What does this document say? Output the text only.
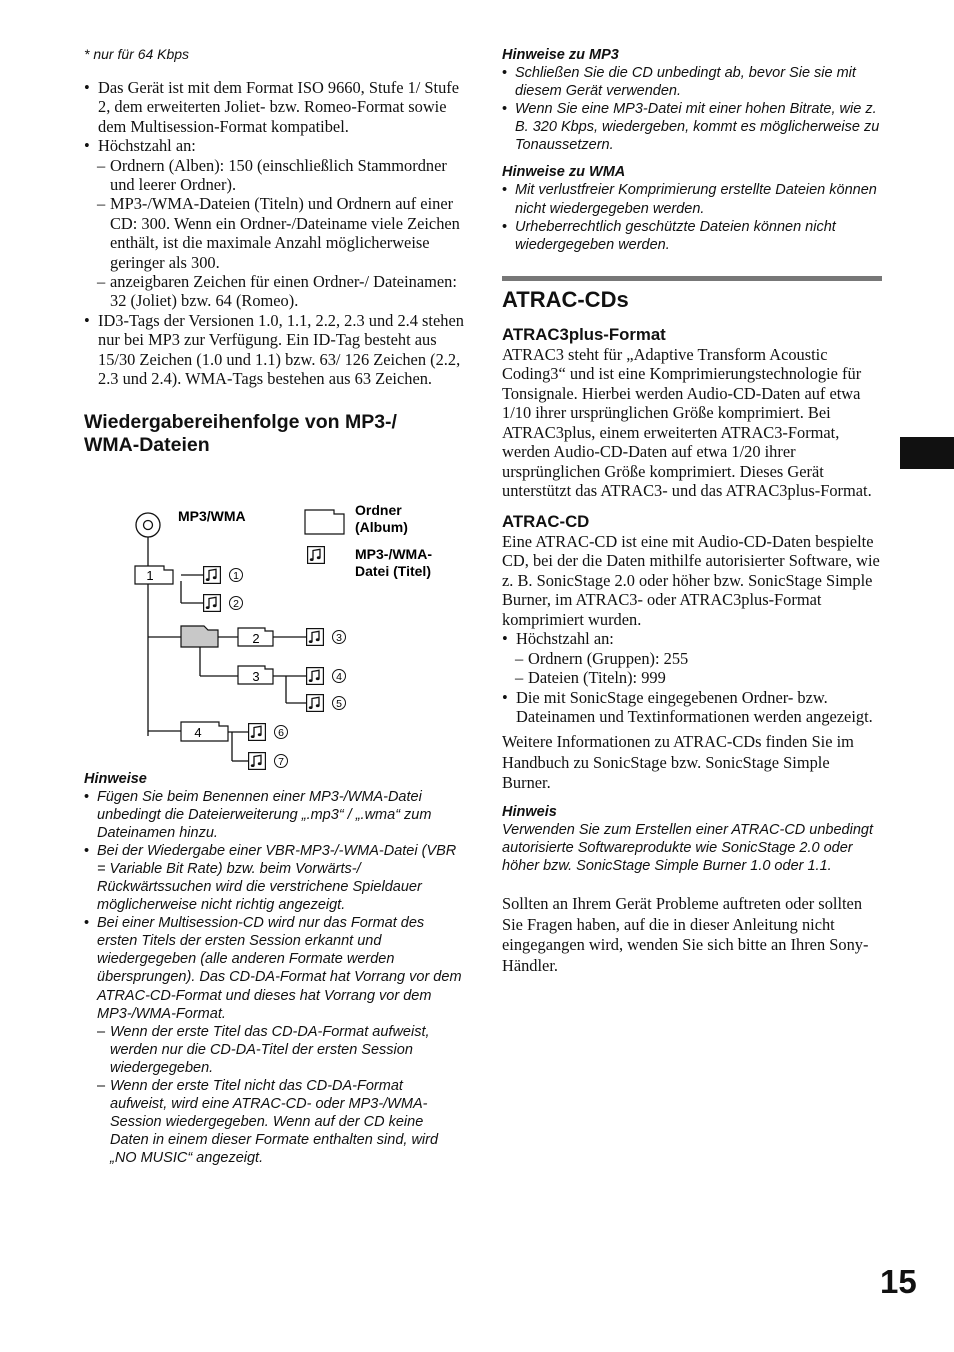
* nur für 64 Kbps

• Das Gerät ist mit dem Format ISO 9660, Stufe 1/ Stufe 2, dem erweiterten Joliet- bzw. Romeo-Format sowie dem Multisession-Format kompatibel.
• Höchstzahl an:
– Ordnern (Alben): 150 (einschließlich Stammordner und leerer Ordner).
– MP3-/WMA-Dateien (Titeln) und Ordnern auf einer CD: 300. Wenn ein Ordner-/Dateiname viele Zeichen enthält, ist die maximale Anzahl möglicherweise geringer als 300.
– anzeigbaren Zeichen für einen Ordner-/ Dateinamen: 32 (Joliet) bzw. 64 (Romeo).
• ID3-Tags der Versionen 1.0, 1.1, 2.2, 2.3 und 2.4 stehen nur bei MP3 zur Verfügung. Ein ID-Tag besteht aus 15/30 Zeichen (1.0 und 1.1) bzw. 63/ 126 Zeichen (2.2, 2.3 und 2.4). WMA-Tags bestehen aus 63 Zeichen.
Wiedergabereihenfolge von MP3-/ WMA-Dateien

Hinweise

• Fügen Sie beim Benennen einer MP3-/WMA-Datei unbedingt die Dateierweiterung „.mp3“ / „.wma“ zum Dateinamen hinzu.
• Bei der Wiedergabe einer VBR-MP3-/-WMA-Datei (VBR = Variable Bit Rate) bzw. beim Vorwärts-/ Rückwärtssuchen wird die verstrichene Spieldauer möglicherweise nicht richtig angezeigt.
• Bei einer Multisession-CD wird nur das Format des ersten Titels der ersten Session erkannt und wiedergegeben (alle anderen Formate werden übersprungen). Das CD-DA-Format hat Vorrang vor dem ATRAC-CD-Format und dieses hat Vorrang vor dem MP3-/WMA-Format.
– Wenn der erste Titel das CD-DA-Format aufweist, werden nur die CD-DA-Titel der ersten Session wiedergegeben.
– Wenn der erste Titel nicht das CD-DA-Format aufweist, wird eine ATRAC-CD- oder MP3-/WMA-Session wiedergegeben. Wenn auf der CD keine Daten in einem dieser Formate enthalten sind, wird „NO MUSIC“ angezeigt.
MP3/WMA
1
2
3
4
1
2
3
4
5
6
7
Ordner
(Album)
MP3-/WMA-
Datei (Titel)

Hinweise zu MP3

• Schließen Sie die CD unbedingt ab, bevor Sie sie mit diesem Gerät verwenden.
• Wenn Sie eine MP3-Datei mit einer hohen Bitrate, wie z. B. 320 Kbps, wiedergeben, kommt es möglicherweise zu Tonaussetzern.

Hinweise zu WMA

• Mit verlustfreier Komprimierung erstellte Dateien können nicht wiedergegeben werden.
• Urheberrechtlich geschützte Dateien können nicht wiedergegeben werden.
ATRAC-CDs
ATRAC3plus-Format

ATRAC3 steht für „Adaptive Transform Acoustic Coding3“ und ist eine Komprimierungstechnologie für Tonsignale. Hierbei werden Audio-CD-Daten auf etwa 1/10 ihrer ursprünglichen Größe komprimiert. Bei ATRAC3plus, einem erweiterten ATRAC3-Format, werden Audio-CD-Daten auf etwa 1/20 ihrer ursprünglichen Größe komprimiert. Dieses Gerät unterstützt das ATRAC3- und das ATRAC3plus-Format.

ATRAC-CD

Eine ATRAC-CD ist eine mit Audio-CD-Daten bespielte CD, bei der die Daten mithilfe autorisierter Software, wie z. B. SonicStage 2.0 oder höher bzw. SonicStage Simple Burner, im ATRAC3- oder ATRAC3plus-Format komprimiert wurden.

• Höchstzahl an:
– Ordnern (Gruppen): 255
– Dateien (Titeln): 999
• Die mit SonicStage eingegebenen Ordner- bzw. Dateinamen und Textinformationen werden angezeigt.

Weitere Informationen zu ATRAC-CDs finden Sie im Handbuch zu SonicStage bzw. SonicStage Simple Burner.

Hinweis

Verwenden Sie zum Erstellen einer ATRAC-CD unbedingt autorisierte Softwareprodukte wie SonicStage 2.0 oder höher bzw. SonicStage Simple Burner 1.0 oder 1.1.

Sollten an Ihrem Gerät Probleme auftreten oder sollten Sie Fragen haben, auf die in dieser Anleitung nicht eingegangen wird, wenden Sie sich bitte an Ihren Sony-Händler.

15
